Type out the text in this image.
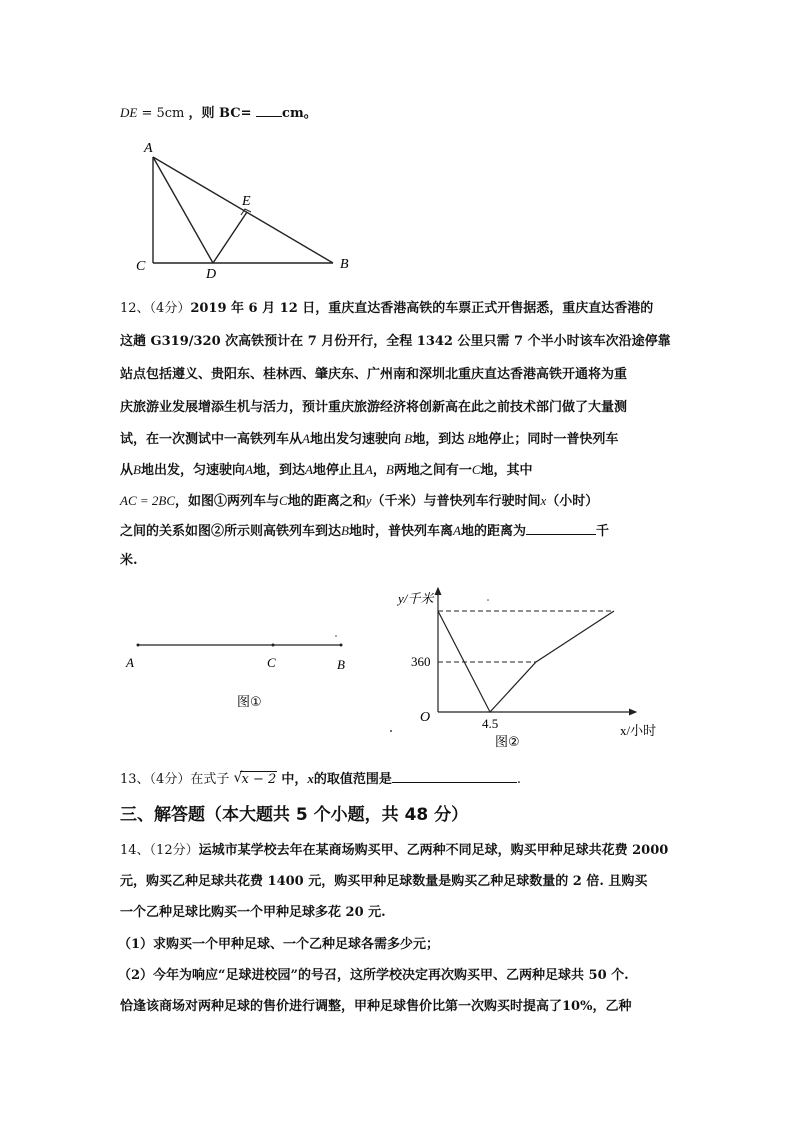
DE = 5cm ，则 BC= cm。
A
E
C
D
B
12、（4分）2019 年 6 月 12 日，重庆直达香港高铁的车票正式开售据悉，重庆直达香港的
这趟 G319/320 次高铁预计在 7 月份开行，全程 1342 公里只需 7 个半小时该车次沿途停靠
站点包括遵义、贵阳东、桂林西、肇庆东、广州南和深圳北重庆直达香港高铁开通将为重
庆旅游业发展增添生机与活力，预计重庆旅游经济将创新高在此之前技术部门做了大量测
试，在一次测试中一高铁列车从A地出发匀速驶向 B地，到达 B地停止；同时一普快列车
从B地出发，匀速驶向A地，到达A地停止且A，B两地之间有一C地，其中
AC = 2BC，如图①两列车与C地的距离之和y（千米）与普快列车行驶时间x（小时）
之间的关系如图②所示则高铁列车到达B地时，普快列车离A地的距离为	千
米.
A	C	B
图①
y/千米
360
O	4.5	x/小时
图②
13、（4分）在式子 √ x − 2 中，x的取值范围是	.
三、解答题（本大题共 5 个小题，共 48 分）
14、（12分）运城市某学校去年在某商场购买甲、乙两种不同足球，购买甲种足球共花费 2000
元，购买乙种足球共花费 1400 元，购买甲种足球数量是购买乙种足球数量的 2 倍. 且购买
一个乙种足球比购买一个甲种足球多花 20 元.
（1）求购买一个甲种足球、一个乙种足球各需多少元；
（2）今年为响应“足球进校园”的号召，这所学校决定再次购买甲、乙两种足球共 50 个.
恰逢该商场对两种足球的售价进行调整，甲种足球售价比第一次购买时提高了10%，乙种
